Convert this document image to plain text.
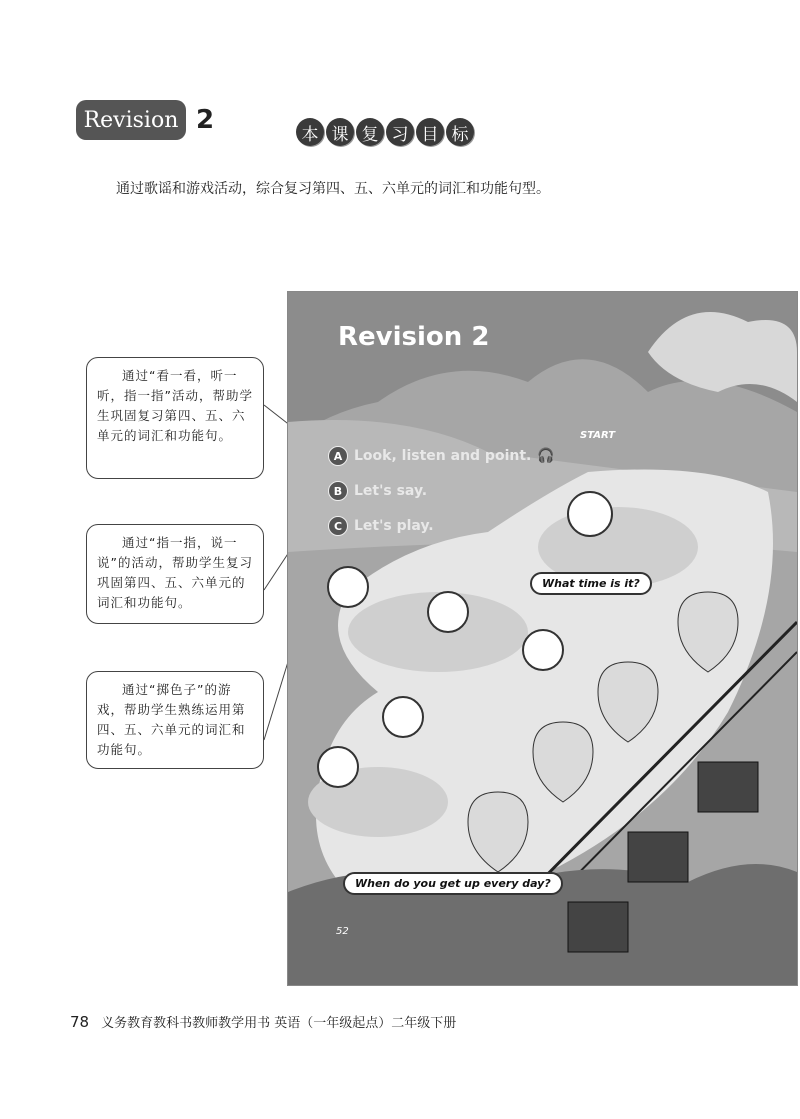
Revision 2	本 课 复 习 目 标
通过歌谣和游戏活动，综合复习第四、五、六单元的词汇和功能句型。
通过“看一看，听一听，指一指”活动，帮助学生巩固复习第四、五、六单元的词汇和功能句。
通过“指一指，说一说”的活动，帮助学生复习巩固第四、五、六单元的词汇和功能句。
通过“掷色子”的游戏，帮助学生熟练运用第四、五、六单元的词汇和功能句。
Revision 2
A Look, listen and point. 🎧
B Let's say.
C Let's play.
START
What time is it?
When do you get up every day?
52
78 义务教育教科书教师教学用书 英语（一年级起点）二年级下册
